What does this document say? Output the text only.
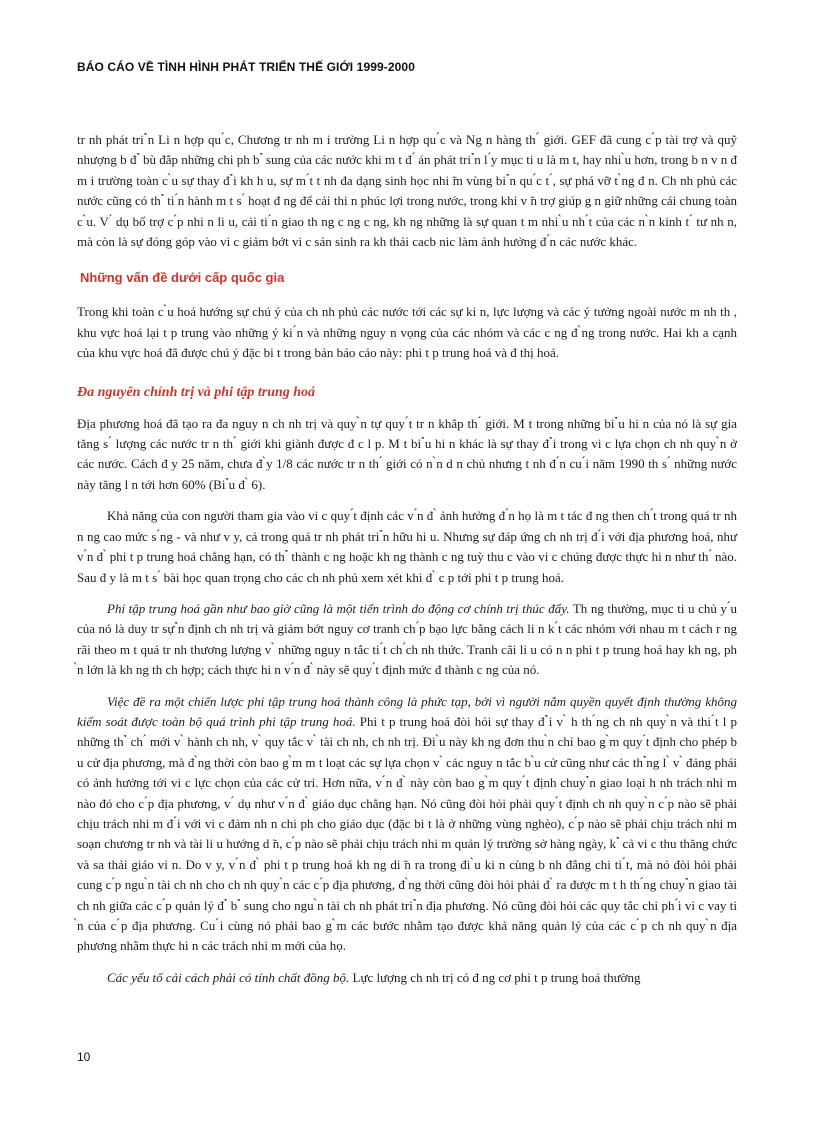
BÁO CÁO VỀ TÌNH HÌNH PHÁT TRIỂN THẾ GIỚI 1999-2000

tr nh phát tri ̉n Li n hợp qu ́c, Chương tr nh m i trường Li n hợp qu ́c và Ng n hàng th ́ giới. GEF đã cung c ́p tài trợ và quỹ nhượng b đ ̉ bù đắp những chi ph b ̉ sung của các nước khi m t đ ́ án phát tri ̉n l ́y mục ti u là m t, hay nhi ̀u hơn, trong b n v n đ m i trường toàn c ̀u sự thay đ ̉i kh h u, sự m ́t t nh đa dạng sinh học nhi ̃m vùng bi ̉n qu ́c t ́, sự phá vỡ t ̀ng đ n. Ch nh phủ các nước cũng có th ̉ ti ́n hành m t s ́ hoạt đ ng để cải thi n phúc lợi trong nước, trong khi v ̃n trợ giúp g n giữ những cái chung toàn c ̀u. V ́ dụ bổ trợ c ́p nhi n li u, cải ti ́n giao th ng c ng c ng, kh ng những là sự quan t m nhi ̀u nh ́t của các n ̀n kinh t ́ tư nh n, mà còn là sự đóng góp vào vi c giảm bớt vi c sản sinh ra kh thải cacb nic làm ảnh hưởng đ ́n các nước khác.

Những vấn đề dưới cấp quốc gia

Trong khi toàn c ̀u hoá hướng sự chú ý của ch nh phủ các nước tới các sự ki n, lực lượng và các ý tưởng ngoài nước m nh th , khu vực hoá lại t p trung vào những ý ki ́n và những nguy n vọng của các nhóm và các c ng đ ̀ng trong nước. Hai kh a cạnh của khu vực hoá đã được chú ý đặc bi t trong bản báo cáo này: phi t p trung hoá và đ thị hoá.

Đa nguyên chính trị và phi tập trung hoá

Địa phương hoá đã tạo ra đa nguy n ch nh trị và quy ̀n tự quy ́t tr n khắp th ́ giới. M t trong những bi ̉u hi n của nó là sự gia tăng s ́ lượng các nước tr n th ́ giới khi giành được đ c l p. M t bi ̉u hi n khác là sự thay đ ̉i trong vi c lựa chọn ch nh quy ̀n ở các nước. Cách đ y 25 năm, chưa đ ̀y 1/8 các nước tr n th ́ giới có n ̀n d n chủ nhưng t nh đ ́n cu ́i năm 1990 th s ́ những nước này tăng l n tới hơn 60% (Bi ̉u đ ̀ 6).

Khả năng của con người tham gia vào vi c quy ́t định các v ́n đ ̀ ảnh hưởng đ ́n họ là m t tác đ ng then ch ́t trong quá tr nh n ng cao mức s ́ng - và như v y, cả trong quá tr nh phát tri ̉n hữu hi u. Nhưng sự đáp ứng ch nh trị đ ́i với địa phương hoá, như v ́n đ ̀ phi t p trung hoá chẳng hạn, có th ̉ thành c ng hoặc kh ng thành c ng tuỳ thu c vào vi c chúng được thực hi n như th ́ nào. Sau đ y là m t s ́ bài học quan trọng cho các ch nh phủ xem xét khi đ ̀ c p tới phi t p trung hoá.

Phi tập trung hoá gần như bao giờ cũng là một tiến trình do động cơ chính trị thúc đẩy. Th ng thường, mục ti u chủ y ́u của nó là duy tr sự ̉n định ch nh trị và giảm bớt nguy cơ tranh ch ́p bạo lực bằng cách li n k ́t các nhóm với nhau m t cách r ng rãi theo m t quá tr nh thương lượng v ̀ những nguy n tắc ti ́t ch ́ch nh thức. Tranh cãi li u có n n phi t p trung hoá hay kh ng, ph ̀n lớn là kh ng th ch hợp; cách thực hi n v ́n đ ̀ này sẽ quy ́t định mức đ thành c ng của nó.

Việc đề ra một chiến lược phi tập trung hoá thành công là phức tạp, bởi vì người nắm quyền quyết định thường không kiểm soát được toàn bộ quá trình phi tập trung hoá. Phi t p trung hoá đòi hỏi sự thay đ ̉i v ̀ h th ́ng ch nh quy ̀n và thi ́t l p những th ̉ ch ́ mới v ̀ hành ch nh, v ̀ quy tắc v ̀ tài ch nh, ch nh trị. Đi ̀u này kh ng đơn thu ̀n chỉ bao g ̀m quy ́t định cho phép b u cử địa phương, mà đ ̀ng thời còn bao g ̀m m t loạt các sự lựa chọn v ̀ các nguy n tắc b ̀u cử cũng như các th ̉ng l ̀ v ̀ đảng phái có ảnh hưởng tới vi c lực chọn của các cử tri. Hơn nữa, v ́n đ ̀ này còn bao g ̀m quy ́t định chuy ̉n giao loại h nh trách nhi m nào đó cho c ́p địa phương, v ́ dụ như v ́n đ ̀ giáo dục chẳng hạn. Nó cũng đòi hỏi phải quy ́t định ch nh quy ̀n c ́p nào sẽ phải chịu trách nhi m đ ́i với vi c đảm nh n chi ph cho giáo dục (đặc bi t là ở những vùng nghèo), c ́p nào sẽ phải chịu trách nhi m soạn chương tr nh và tài li u hướng d ̃n, c ́p nào sẽ phải chịu trách nhi m quản lý trường sở hàng ngày, k ̉ cả vi c thu thăng chức và sa thải giáo vi n. Do v y, v ́n đ ̀ phi t p trung hoá kh ng di ̃n ra trong đi ̀u ki n cùng b nh đẳng chi ti ́t, mà nó đòi hỏi phải cung c ́p ngu ̀n tài ch nh cho ch nh quy ̀n các c ́p địa phương, đ ̀ng thời cũng đòi hỏi phải đ ̀ ra được m t h th ́ng chuy ̉n giao tài ch nh giữa các c ́p quản lý đ ̉ b ̉ sung cho ngu ̀n tài ch nh phát tri ̉n địa phương. Nó cũng đòi hỏi các quy tắc chi ph ́i vi c vay ti ̀n của c ́p địa phương. Cu ́i cùng nó phải bao g ̀m các bước nhằm tạo được khả năng quản lý của các c ́p ch nh quy ̀n địa phương nhằm thực hi n các trách nhi m mới của họ.

Các yếu tố cải cách phải có tính chất đồng bộ. Lực lượng ch nh trị có đ ng cơ phi t p trung hoá thường

10
